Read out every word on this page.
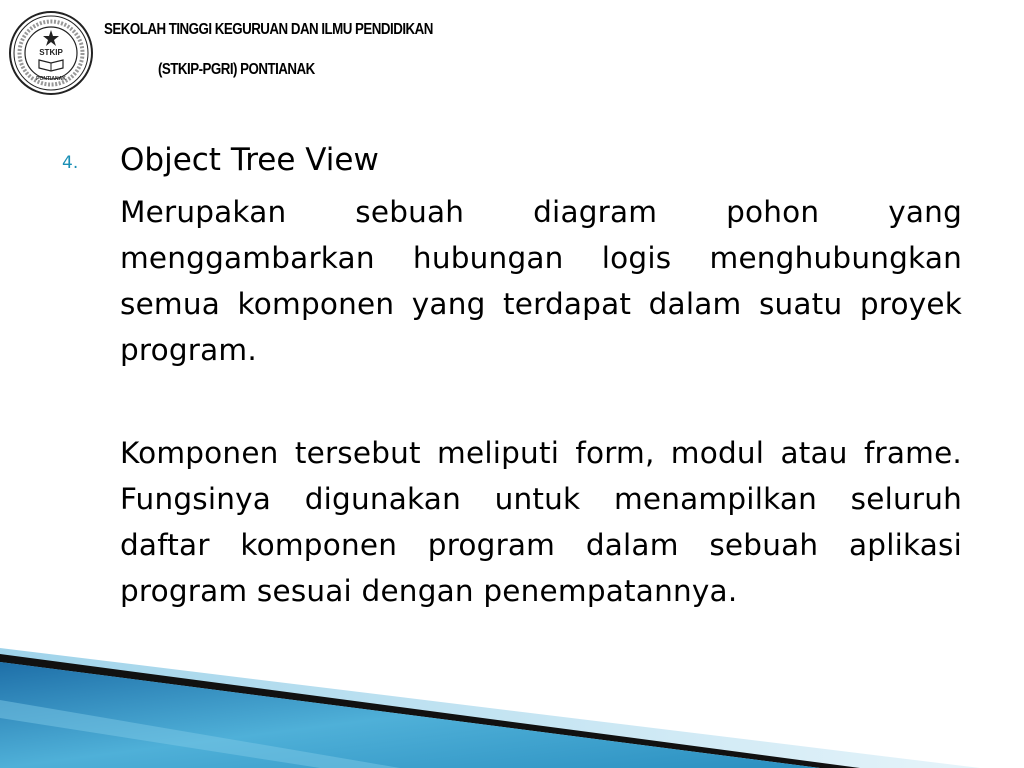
STKIP
PONTIANAK
SEKOLAH TINGGI KEGURUAN DAN ILMU PENDIDIKAN
(STKIP-PGRI) PONTIANAK
4. Object Tree View
Merupakan sebuah diagram pohon yang menggambarkan hubungan logis menghubungkan semua komponen yang terdapat dalam suatu proyek program.
Komponen tersebut meliputi form, modul atau frame. Fungsinya digunakan untuk menampilkan seluruh daftar komponen program dalam sebuah aplikasi program sesuai dengan penempatannya.
